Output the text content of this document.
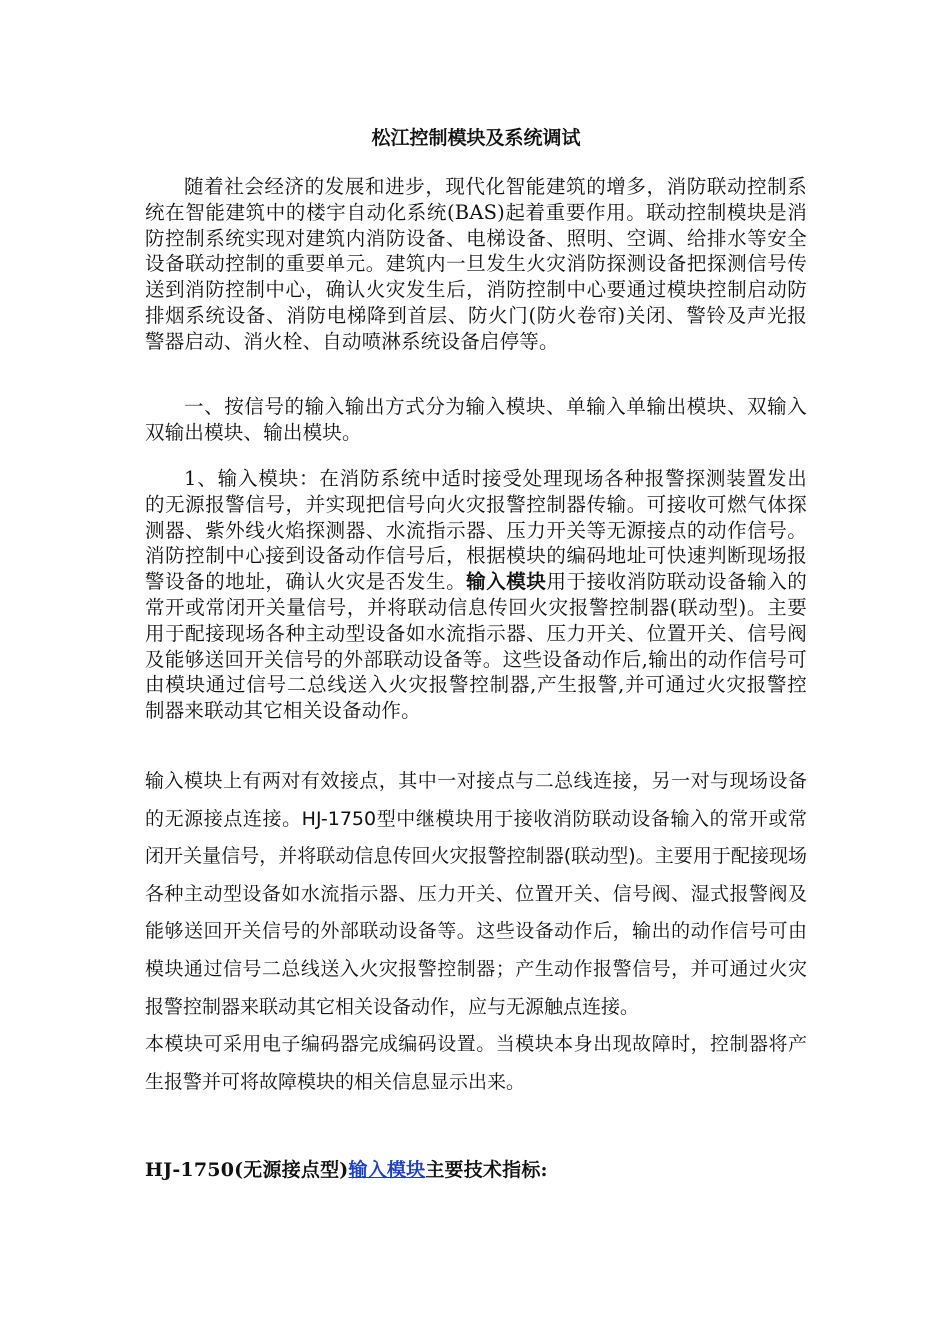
松江控制模块及系统调试
随着社会经济的发展和进步，现代化智能建筑的增多，消防联动控制系统在智能建筑中的楼宇自动化系统(BAS)起着重要作用。联动控制模块是消防控制系统实现对建筑内消防设备、电梯设备、照明、空调、给排水等安全设备联动控制的重要单元。建筑内一旦发生火灾消防探测设备把探测信号传送到消防控制中心，确认火灾发生后，消防控制中心要通过模块控制启动防排烟系统设备、消防电梯降到首层、防火门(防火卷帘)关闭、警铃及声光报警器启动、消火栓、自动喷淋系统设备启停等。
一、按信号的输入输出方式分为输入模块、单输入单输出模块、双输入双输出模块、输出模块。
1、输入模块：在消防系统中适时接受处理现场各种报警探测装置发出的无源报警信号，并实现把信号向火灾报警控制器传输。可接收可燃气体探测器、紫外线火焰探测器、水流指示器、压力开关等无源接点的动作信号。消防控制中心接到设备动作信号后，根据模块的编码地址可快速判断现场报警设备的地址，确认火灾是否发生。输入模块用于接收消防联动设备输入的常开或常闭开关量信号，并将联动信息传回火灾报警控制器(联动型)。主要用于配接现场各种主动型设备如水流指示器、压力开关、位置开关、信号阀及能够送回开关信号的外部联动设备等。这些设备动作后,输出的动作信号可由模块通过信号二总线送入火灾报警控制器,产生报警,并可通过火灾报警控制器来联动其它相关设备动作。
输入模块上有两对有效接点，其中一对接点与二总线连接，另一对与现场设备的无源接点连接。HJ-1750型中继模块用于接收消防联动设备输入的常开或常闭开关量信号，并将联动信息传回火灾报警控制器(联动型)。主要用于配接现场各种主动型设备如水流指示器、压力开关、位置开关、信号阀、湿式报警阀及能够送回开关信号的外部联动设备等。这些设备动作后，输出的动作信号可由模块通过信号二总线送入火灾报警控制器；产生动作报警信号，并可通过火灾报警控制器来联动其它相关设备动作，应与无源触点连接。
本模块可采用电子编码器完成编码设置。当模块本身出现故障时，控制器将产生报警并可将故障模块的相关信息显示出来。
HJ-1750(无源接点型)输入模块主要技术指标:
